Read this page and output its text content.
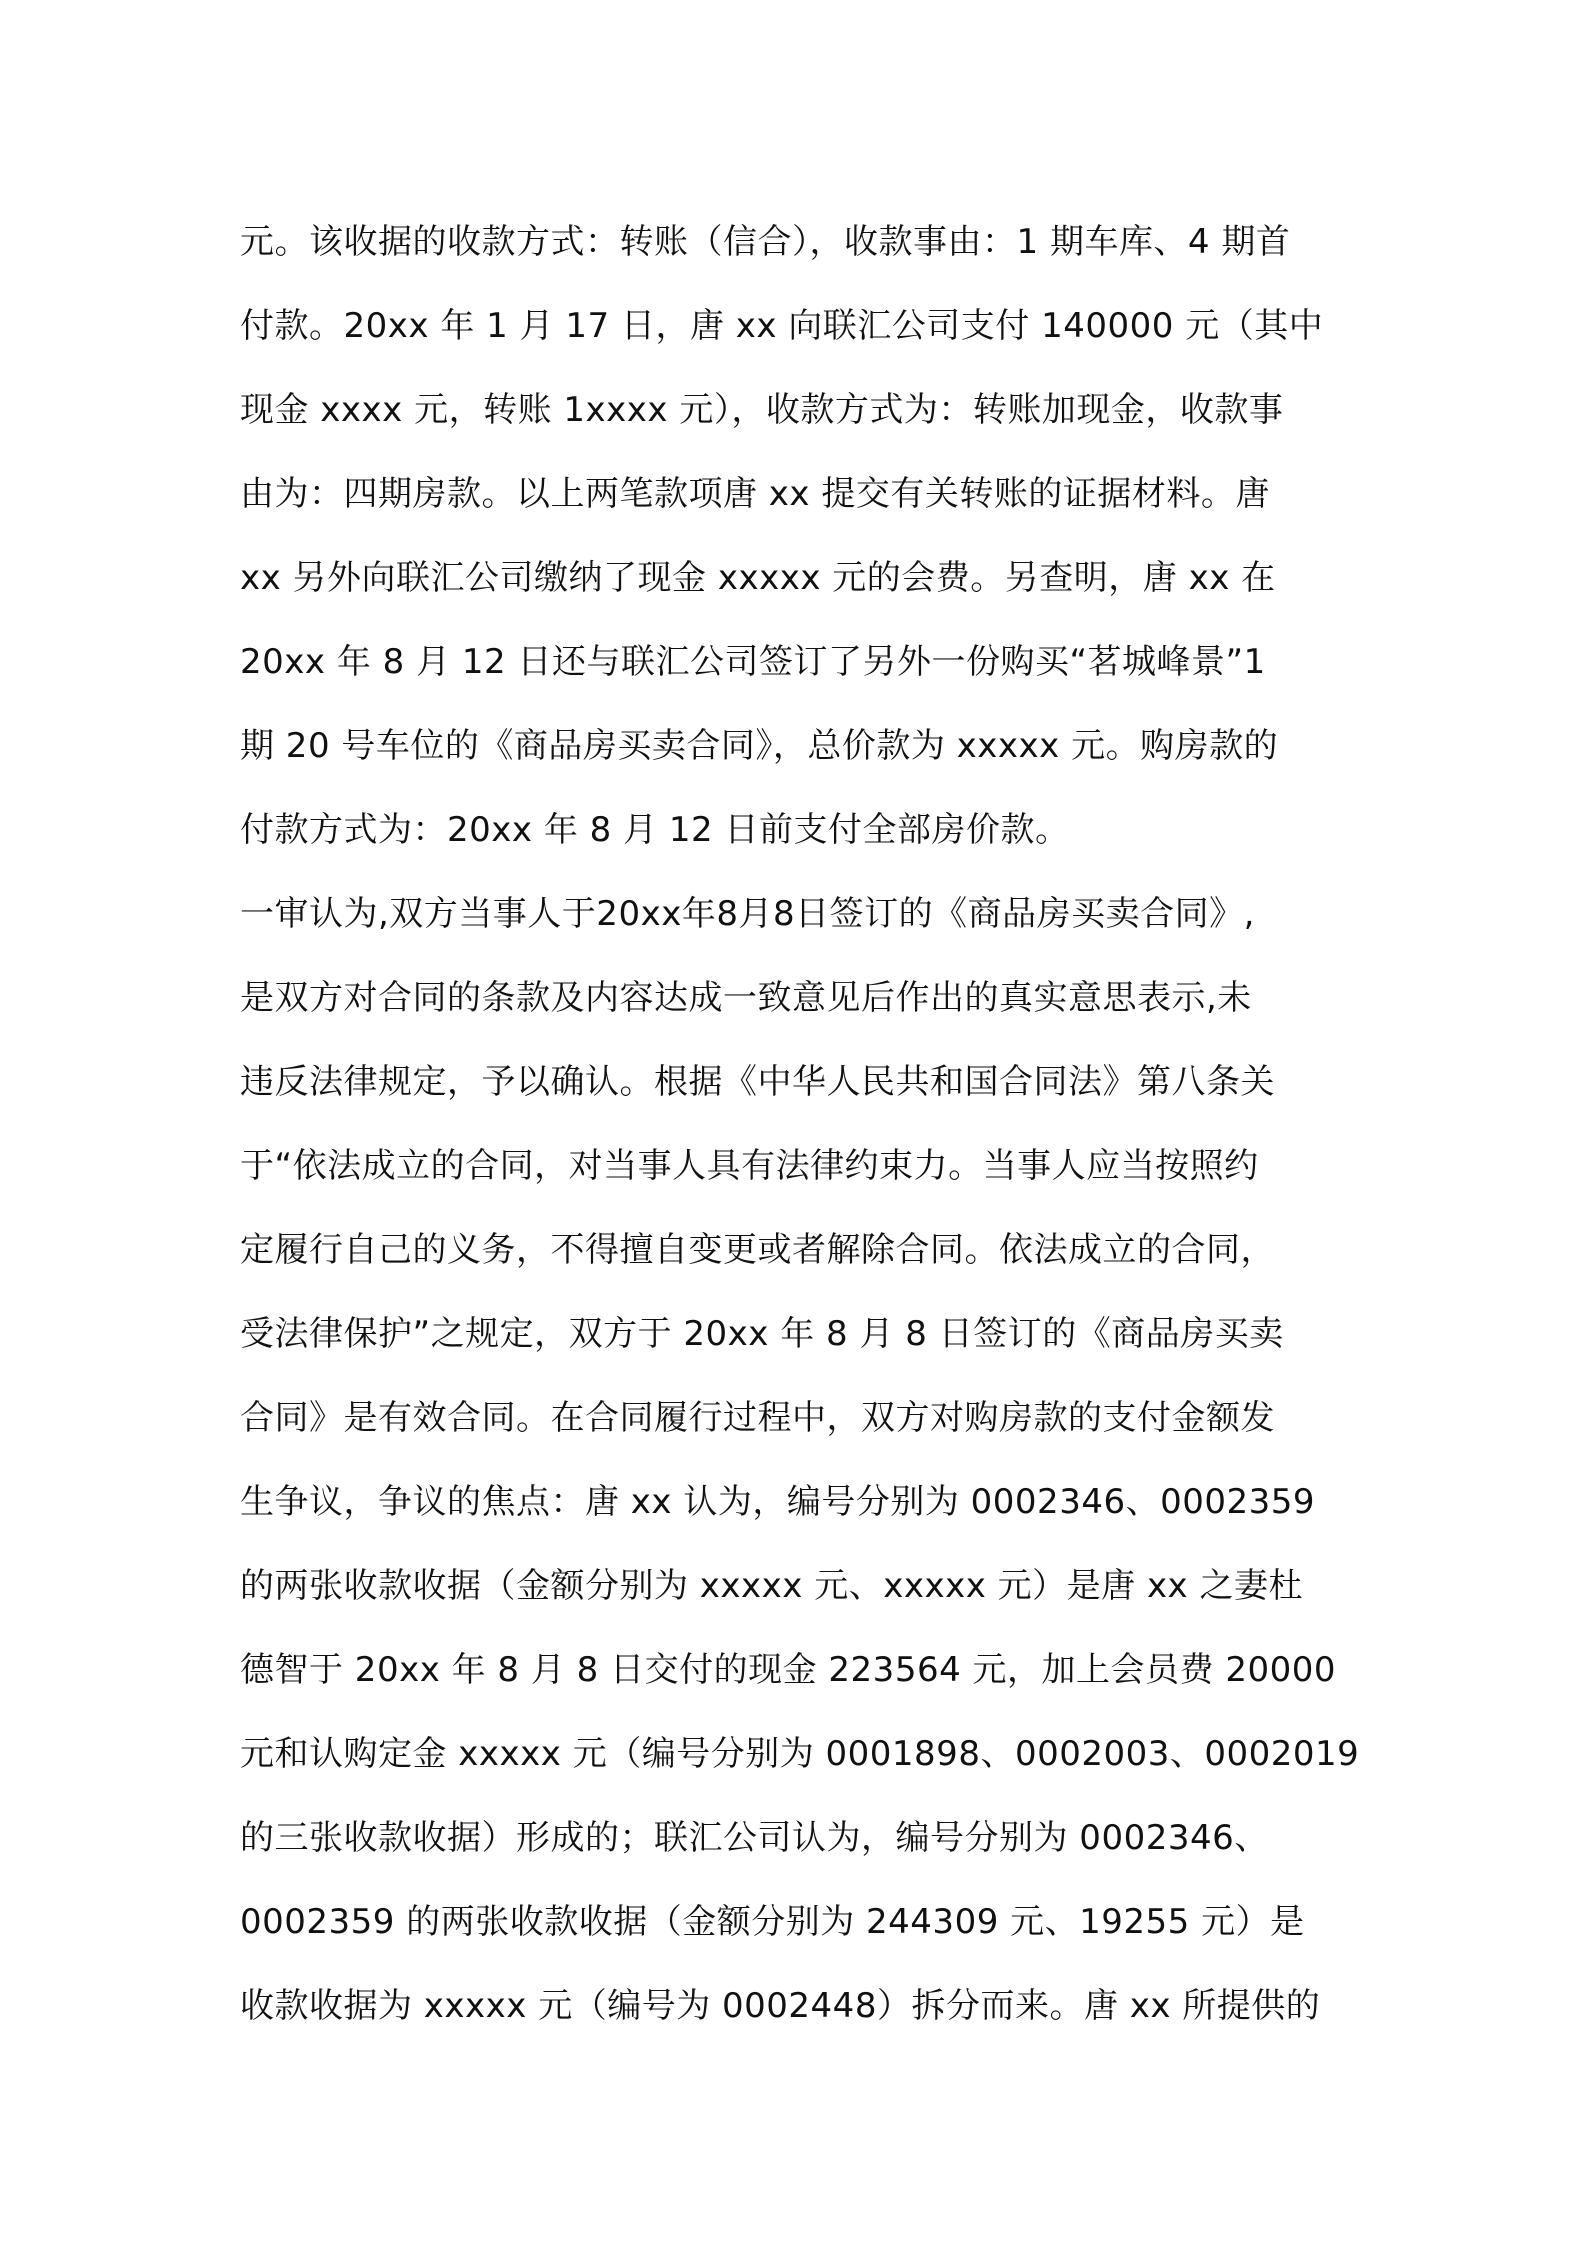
元。该收据的收款方式：转账（信合），收款事由：1 期车库、4 期首
付款。20xx 年 1 月 17 日，唐 xx 向联汇公司支付 140000 元（其中
现金 xxxx 元，转账 1xxxx 元），收款方式为：转账加现金，收款事
由为：四期房款。以上两笔款项唐 xx 提交有关转账的证据材料。唐
xx 另外向联汇公司缴纳了现金 xxxxx 元的会费。另查明，唐 xx 在
20xx 年 8 月 12 日还与联汇公司签订了另外一份购买“茗城峰景”1
期 20 号车位的《商品房买卖合同》，总价款为 xxxxx 元。购房款的
付款方式为：20xx 年 8 月 12 日前支付全部房价款。
一审认为,双方当事人于20xx年8月8日签订的《商品房买卖合同》,
是双方对合同的条款及内容达成一致意见后作出的真实意思表示,未
违反法律规定，予以确认。根据《中华人民共和国合同法》第八条关
于“依法成立的合同，对当事人具有法律约束力。当事人应当按照约
定履行自己的义务，不得擅自变更或者解除合同。依法成立的合同，
受法律保护”之规定，双方于 20xx 年 8 月 8 日签订的《商品房买卖
合同》是有效合同。在合同履行过程中，双方对购房款的支付金额发
生争议，争议的焦点：唐 xx 认为，编号分别为 0002346、0002359
的两张收款收据（金额分别为 xxxxx 元、xxxxx 元）是唐 xx 之妻杜
德智于 20xx 年 8 月 8 日交付的现金 223564 元，加上会员费 20000
元和认购定金 xxxxx 元（编号分别为 0001898、0002003、0002019
的三张收款收据）形成的；联汇公司认为，编号分别为 0002346、
0002359 的两张收款收据（金额分别为 244309 元、19255 元）是
收款收据为 xxxxx 元（编号为 0002448）拆分而来。唐 xx 所提供的
